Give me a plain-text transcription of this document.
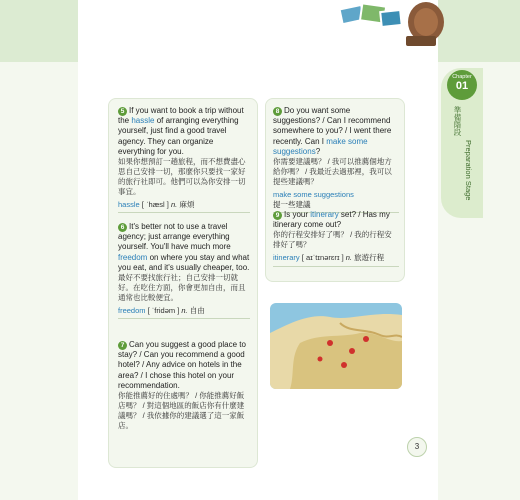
5 If you want to book a trip without the hassle of arranging everything yourself, just find a good travel agency. They can organize everything for you.
如果你想預訂一趟旅程，而不想費盡心思自己安排一切，那麼你只要找一家好的旅行社即可。他們可以為你安排一切事宜。
hassle [ ˈhæsl ] n. 麻煩
6 It's better not to use a travel agency; just arrange everything yourself. You'll have much more freedom on where you stay and what you eat, and it's usually cheaper, too.
最好不要找旅行社；自己安排一切就好。在吃住方面，你會更加自由，而且通常也比較便宜。
freedom [ ˈfridəm ] n. 自由
7 Can you suggest a good place to stay? / Can you recommend a good hotel? / Any advice on hotels in the area? / I chose this hotel on your recommendation.
你能推薦好的住處嗎？ / 你能推薦好飯店嗎？ / 對這個地區的飯店你有什麼建議嗎？ / 我依據你的建議選了這一家飯店。
8 Do you want some suggestions? / Can I recommend somewhere to you? / I went there recently. Can I make some suggestions?
你需要建議嗎？ / 我可以推薦個地方給你嗎？ / 我最近去過那裡，我可以提些建議嗎？
make some suggestions
提一些建議
9 Is your itinerary set? / Has my itinerary come out?
你的行程安排好了嗎？ / 我的行程安排好了嗎？
itinerary [ aɪˈtɪnərɛrɪ ] n. 旅遊行程
Chapter
01
準備階段
Preparation Stage
3
